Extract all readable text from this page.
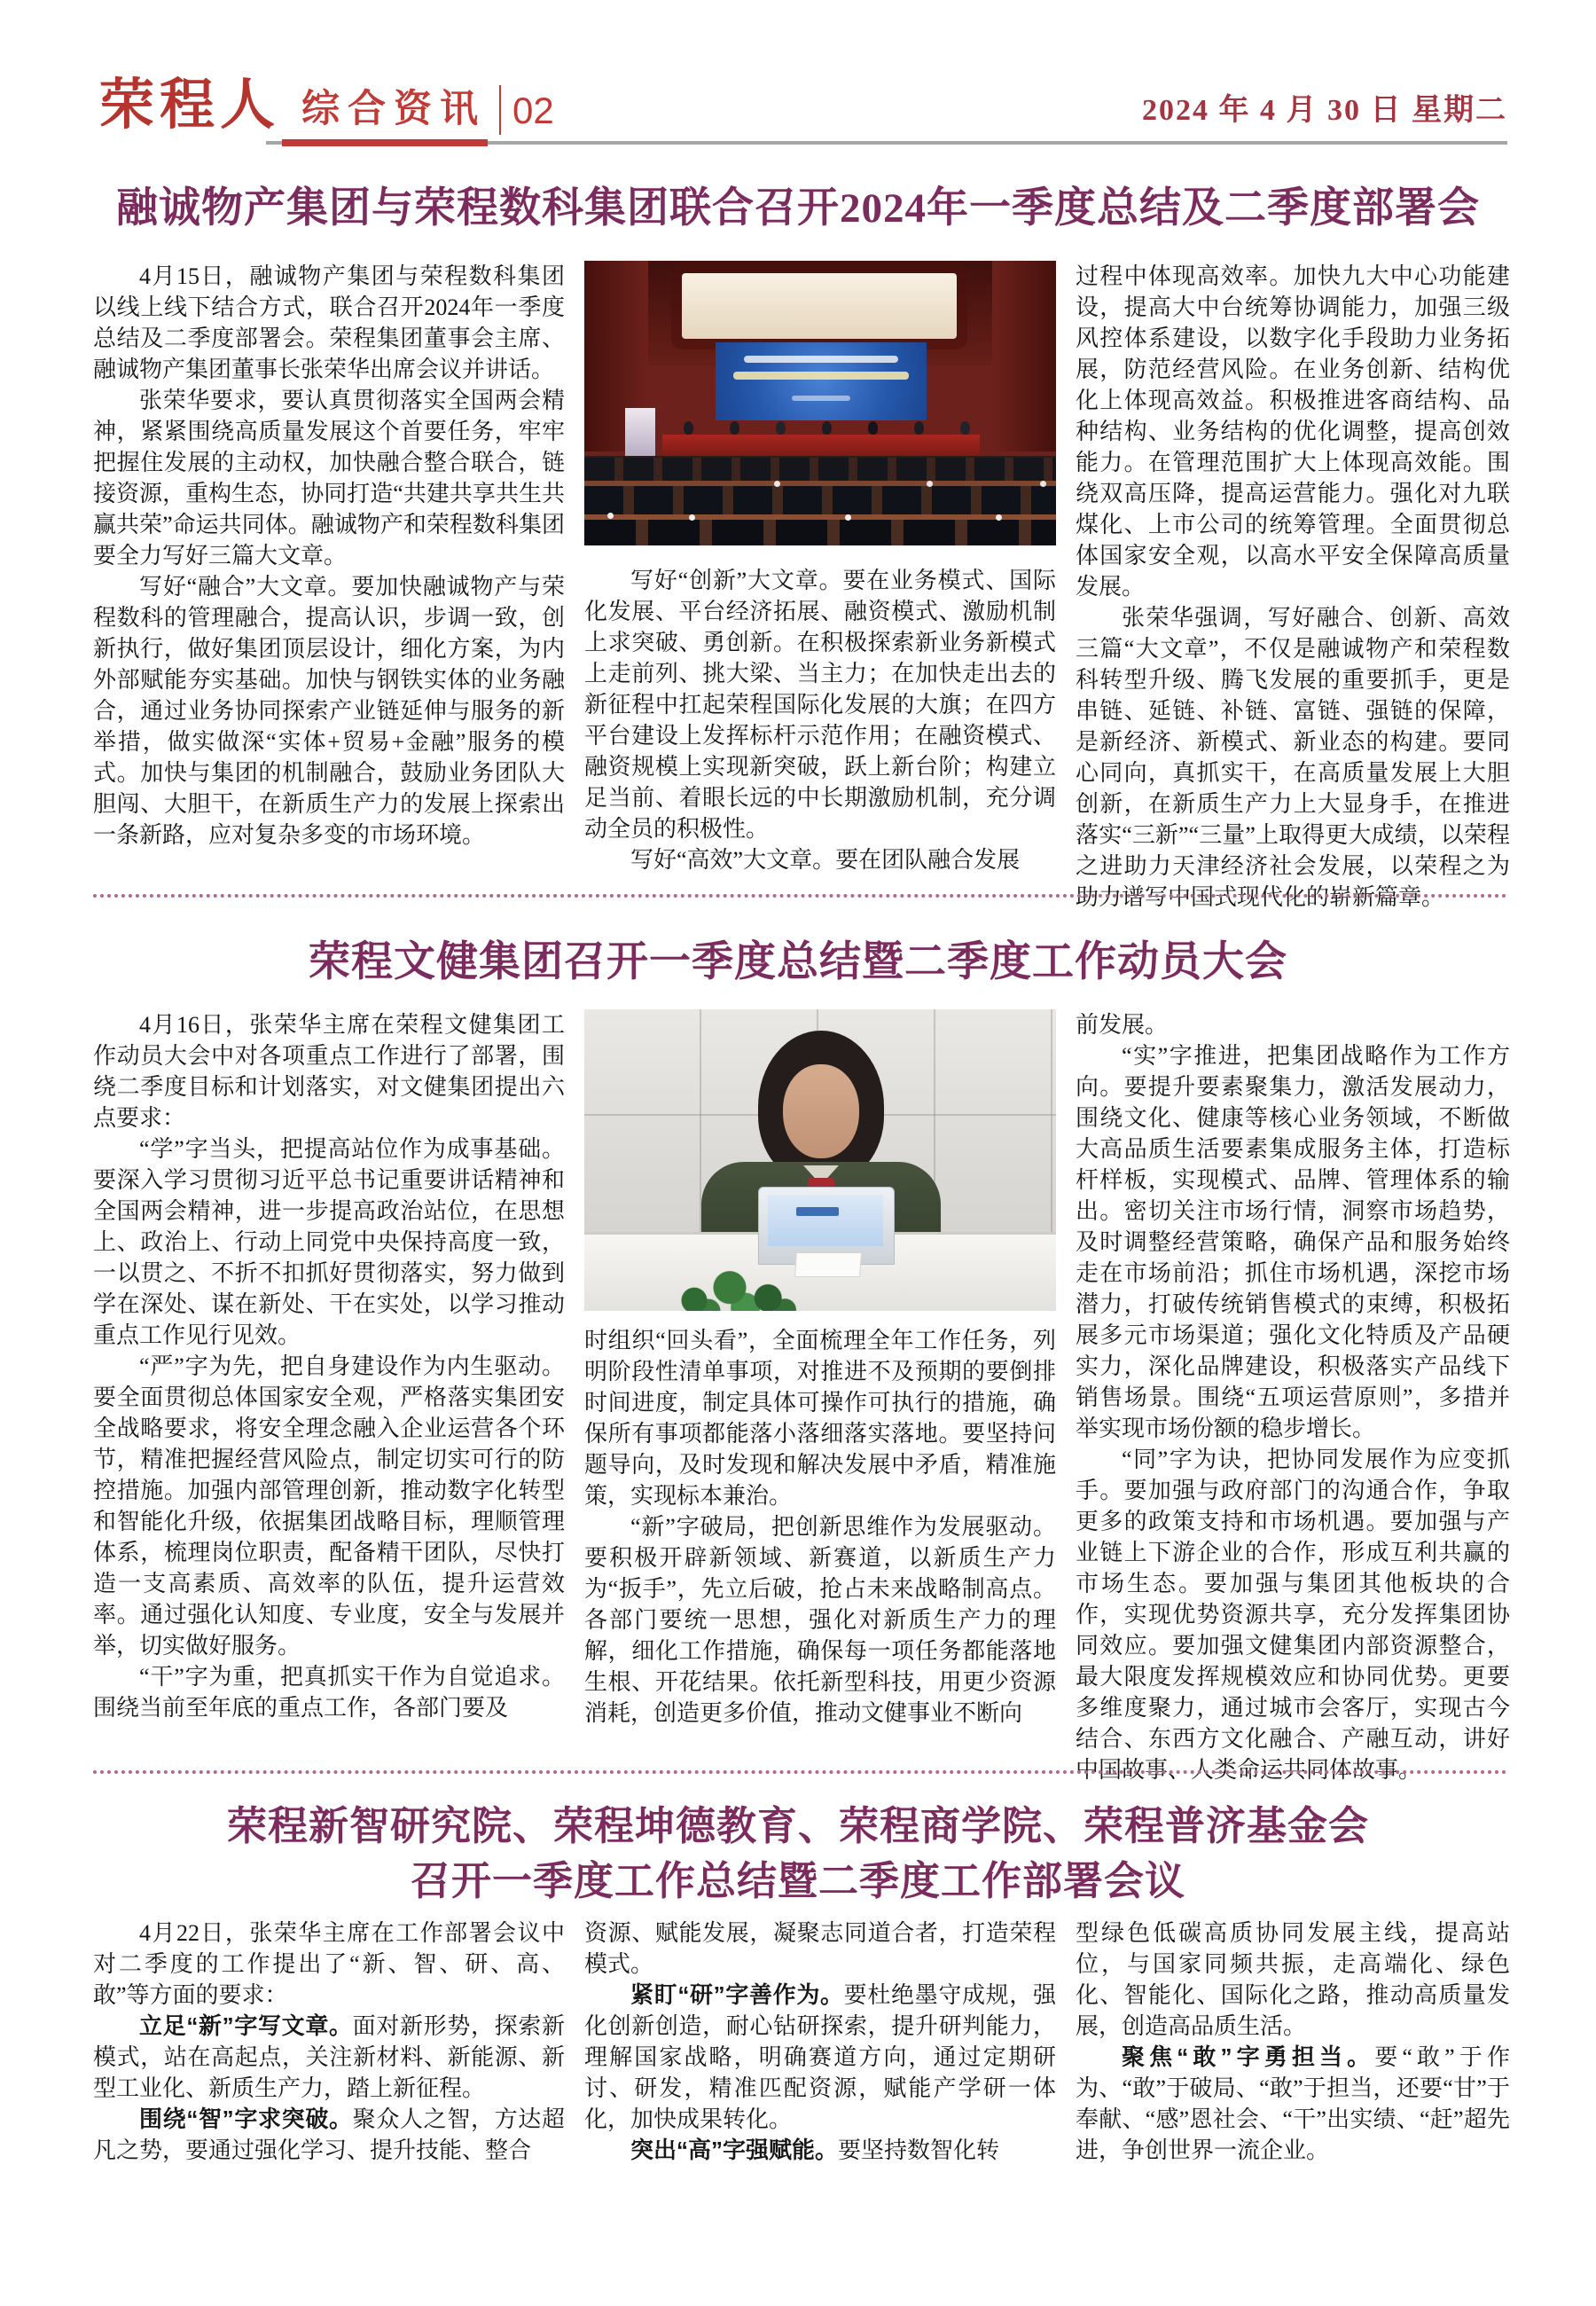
荣程人 综合资讯 02	2024 年 4 月 30 日 星期二
融诚物产集团与荣程数科集团联合召开2024年一季度总结及二季度部署会

4月15日，融诚物产集团与荣程数科集团以线上线下结合方式，联合召开2024年一季度总结及二季度部署会。荣程集团董事会主席、融诚物产集团董事长张荣华出席会议并讲话。

张荣华要求，要认真贯彻落实全国两会精神，紧紧围绕高质量发展这个首要任务，牢牢把握住发展的主动权，加快融合整合联合，链接资源，重构生态，协同打造“共建共享共生共赢共荣”命运共同体。融诚物产和荣程数科集团要全力写好三篇大文章。

写好“融合”大文章。要加快融诚物产与荣程数科的管理融合，提高认识，步调一致，创新执行，做好集团顶层设计，细化方案，为内外部赋能夯实基础。加快与钢铁实体的业务融合，通过业务协同探索产业链延伸与服务的新举措，做实做深“实体+贸易+金融”服务的模式。加快与集团的机制融合，鼓励业务团队大胆闯、大胆干，在新质生产力的发展上探索出一条新路，应对复杂多变的市场环境。

写好“创新”大文章。要在业务模式、国际化发展、平台经济拓展、融资模式、激励机制上求突破、勇创新。在积极探索新业务新模式上走前列、挑大梁、当主力；在加快走出去的新征程中扛起荣程国际化发展的大旗；在四方平台建设上发挥标杆示范作用；在融资模式、融资规模上实现新突破，跃上新台阶；构建立足当前、着眼长远的中长期激励机制，充分调动全员的积极性。

写好“高效”大文章。要在团队融合发展

过程中体现高效率。加快九大中心功能建设，提高大中台统筹协调能力，加强三级风控体系建设，以数字化手段助力业务拓展，防范经营风险。在业务创新、结构优化上体现高效益。积极推进客商结构、品种结构、业务结构的优化调整，提高创效能力。在管理范围扩大上体现高效能。围绕双高压降，提高运营能力。强化对九联煤化、上市公司的统筹管理。全面贯彻总体国家安全观，以高水平安全保障高质量发展。

张荣华强调，写好融合、创新、高效三篇“大文章”，不仅是融诚物产和荣程数科转型升级、腾飞发展的重要抓手，更是串链、延链、补链、富链、强链的保障，是新经济、新模式、新业态的构建。要同心同向，真抓实干，在高质量发展上大胆创新，在新质生产力上大显身手，在推进落实“三新”“三量”上取得更大成绩，以荣程之进助力天津经济社会发展，以荣程之为助力谱写中国式现代化的崭新篇章。

荣程文健集团召开一季度总结暨二季度工作动员大会

4月16日，张荣华主席在荣程文健集团工作动员大会中对各项重点工作进行了部署，围绕二季度目标和计划落实，对文健集团提出六点要求：

“学”字当头，把提高站位作为成事基础。要深入学习贯彻习近平总书记重要讲话精神和全国两会精神，进一步提高政治站位，在思想上、政治上、行动上同党中央保持高度一致，一以贯之、不折不扣抓好贯彻落实，努力做到学在深处、谋在新处、干在实处，以学习推动重点工作见行见效。

“严”字为先，把自身建设作为内生驱动。要全面贯彻总体国家安全观，严格落实集团安全战略要求，将安全理念融入企业运营各个环节，精准把握经营风险点，制定切实可行的防控措施。加强内部管理创新，推动数字化转型和智能化升级，依据集团战略目标，理顺管理体系，梳理岗位职责，配备精干团队，尽快打造一支高素质、高效率的队伍，提升运营效率。通过强化认知度、专业度，安全与发展并举，切实做好服务。

“干”字为重，把真抓实干作为自觉追求。围绕当前至年底的重点工作，各部门要及

时组织“回头看”，全面梳理全年工作任务，列明阶段性清单事项，对推进不及预期的要倒排时间进度，制定具体可操作可执行的措施，确保所有事项都能落小落细落实落地。要坚持问题导向，及时发现和解决发展中矛盾，精准施策，实现标本兼治。

“新”字破局，把创新思维作为发展驱动。要积极开辟新领域、新赛道，以新质生产力为“扳手”，先立后破，抢占未来战略制高点。各部门要统一思想，强化对新质生产力的理解，细化工作措施，确保每一项任务都能落地生根、开花结果。依托新型科技，用更少资源消耗，创造更多价值，推动文健事业不断向

前发展。

“实”字推进，把集团战略作为工作方向。要提升要素聚集力，激活发展动力，围绕文化、健康等核心业务领域，不断做大高品质生活要素集成服务主体，打造标杆样板，实现模式、品牌、管理体系的输出。密切关注市场行情，洞察市场趋势，及时调整经营策略，确保产品和服务始终走在市场前沿；抓住市场机遇，深挖市场潜力，打破传统销售模式的束缚，积极拓展多元市场渠道；强化文化特质及产品硬实力，深化品牌建设，积极落实产品线下销售场景。围绕“五项运营原则”，多措并举实现市场份额的稳步增长。

“同”字为诀，把协同发展作为应变抓手。要加强与政府部门的沟通合作，争取更多的政策支持和市场机遇。要加强与产业链上下游企业的合作，形成互利共赢的市场生态。要加强与集团其他板块的合作，实现优势资源共享，充分发挥集团协同效应。要加强文健集团内部资源整合，最大限度发挥规模效应和协同优势。更要多维度聚力，通过城市会客厅，实现古今结合、东西方文化融合、产融互动，讲好中国故事、人类命运共同体故事。

荣程新智研究院、荣程坤德教育、荣程商学院、荣程普济基金会
召开一季度工作总结暨二季度工作部署会议

4月22日，张荣华主席在工作部署会议中对二季度的工作提出了“新、智、研、高、敢”等方面的要求：

立足“新”字写文章。面对新形势，探索新模式，站在高起点，关注新材料、新能源、新型工业化、新质生产力，踏上新征程。

围绕“智”字求突破。聚众人之智，方达超凡之势，要通过强化学习、提升技能、整合

资源、赋能发展，凝聚志同道合者，打造荣程模式。

紧盯“研”字善作为。要杜绝墨守成规，强化创新创造，耐心钻研探索，提升研判能力，理解国家战略，明确赛道方向，通过定期研讨、研发，精准匹配资源，赋能产学研一体化，加快成果转化。

突出“高”字强赋能。要坚持数智化转

型绿色低碳高质协同发展主线，提高站位，与国家同频共振，走高端化、绿色化、智能化、国际化之路，推动高质量发展，创造高品质生活。

聚焦“敢”字勇担当。要“敢”于作为、“敢”于破局、“敢”于担当，还要“甘”于奉献、“感”恩社会、“干”出实绩、“赶”超先进，争创世界一流企业。
